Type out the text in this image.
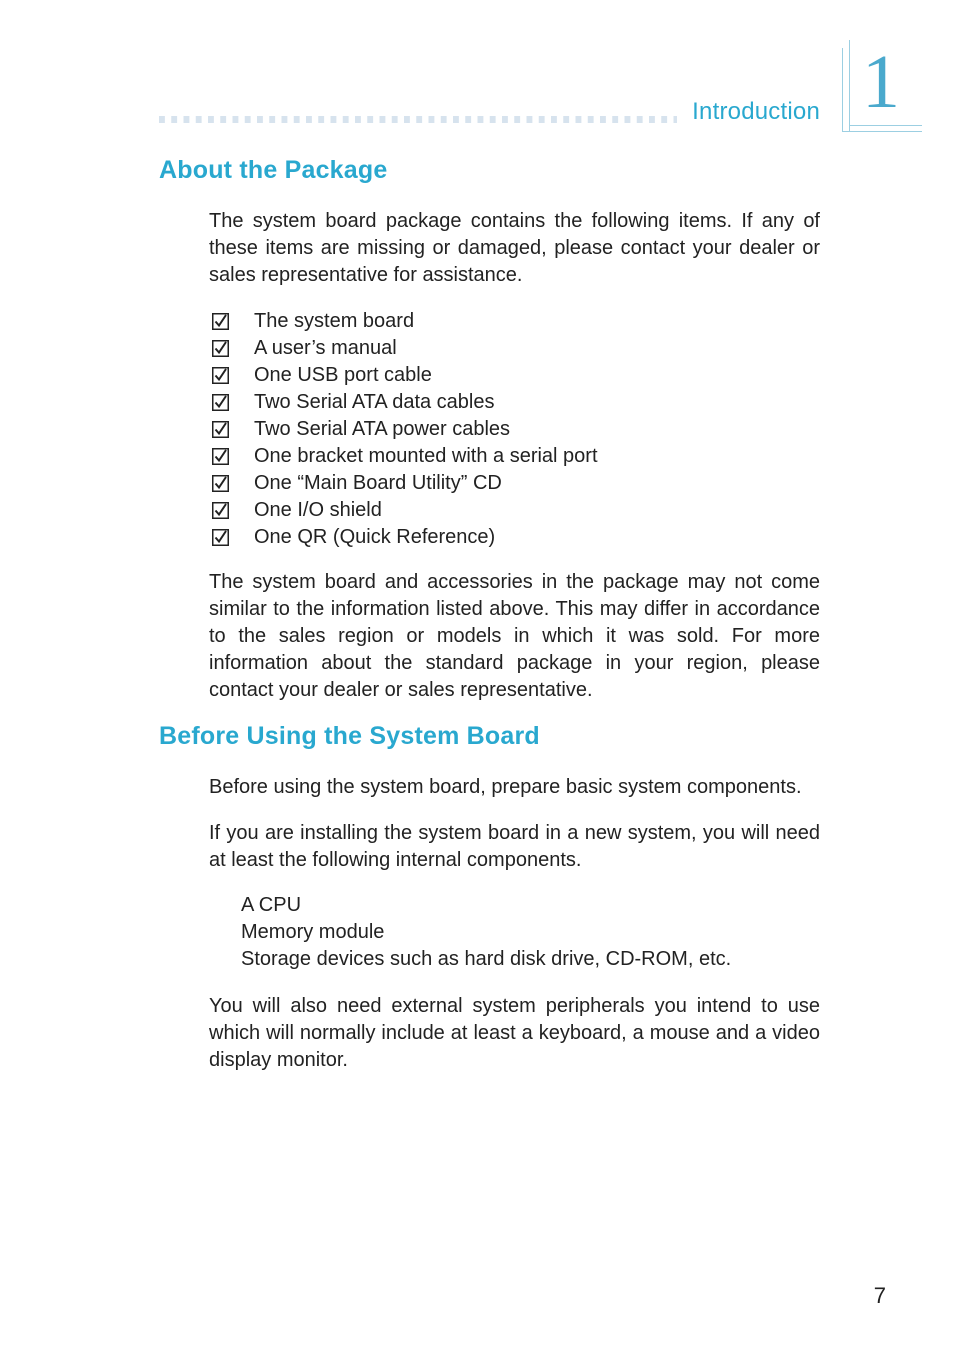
Introduction 1
About the Package

The system board package contains the following items. If any of these items are missing or damaged, please contact your dealer or sales representative for assistance.

The system board
A user’s manual
One USB port cable
Two Serial ATA data cables
Two Serial ATA power cables
One bracket mounted with a serial port
One “Main Board Utility” CD
One I/O shield
One QR (Quick Reference)

The system board and accessories in the package may not come similar to the information listed above. This may differ in accordance to the sales region or models in which it was sold. For more information about the standard package in your region, please contact your dealer or sales representative.

Before Using the System Board

Before using the system board, prepare basic system components.

If you are installing the system board in a new system, you will need at least the following internal components.

A CPU
Memory module
Storage devices such as hard disk drive, CD-ROM, etc.

You will also need external system peripherals you intend to use which will normally include at least a keyboard, a mouse and a video display monitor.

7
